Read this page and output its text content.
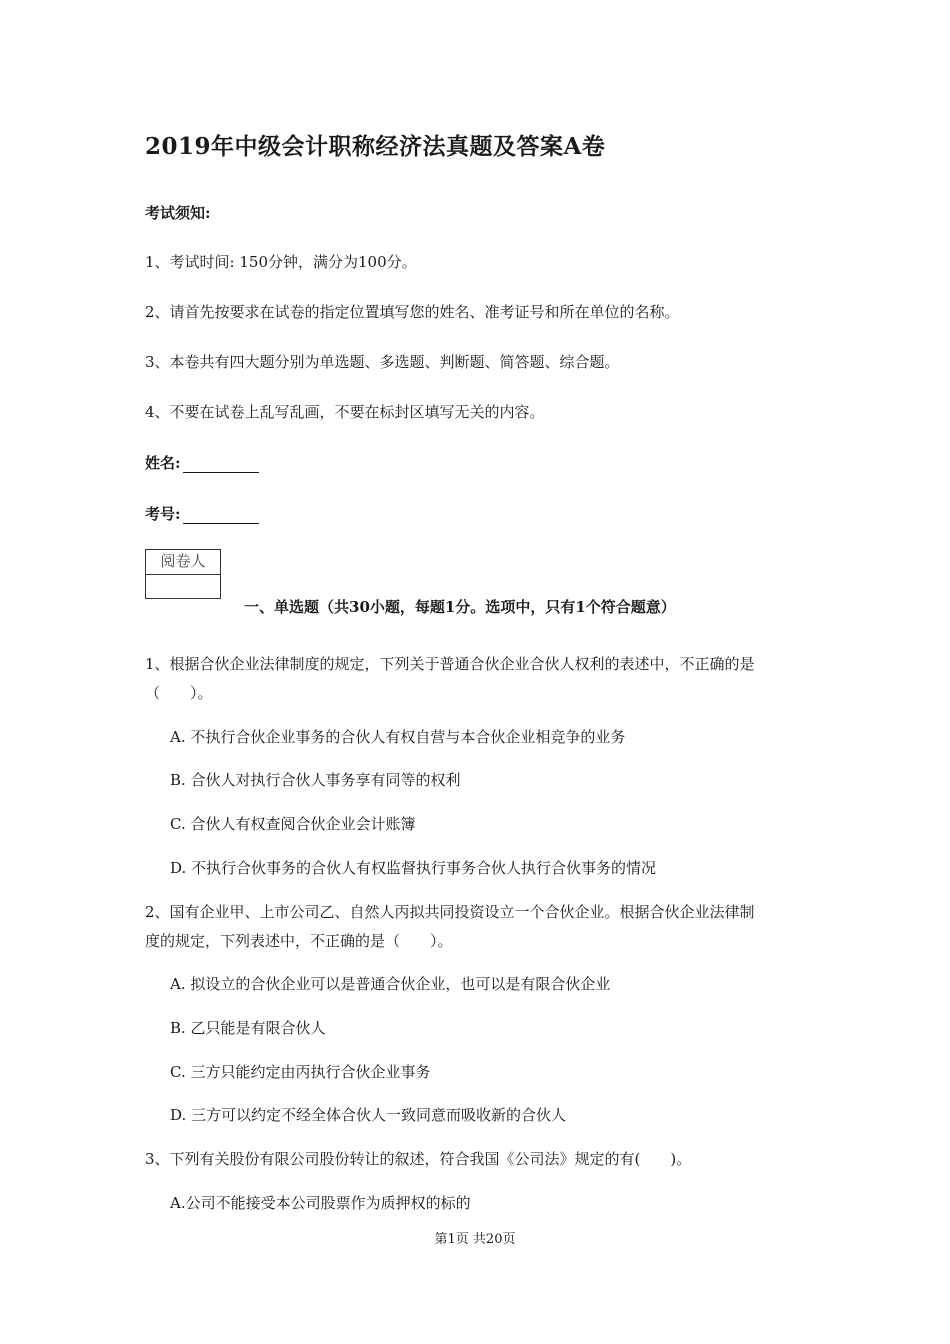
2019年中级会计职称经济法真题及答案A卷
考试须知:
1、考试时间: 150分钟，满分为100分。
2、请首先按要求在试卷的指定位置填写您的姓名、准考证号和所在单位的名称。
3、本卷共有四大题分别为单选题、多选题、判断题、简答题、综合题。
4、不要在试卷上乱写乱画，不要在标封区填写无关的内容。
姓名:
考号:
阅卷人
一、单选题（共30小题，每题1分。选项中，只有1个符合题意）
1、根据合伙企业法律制度的规定，下列关于普通合伙企业合伙人权利的表述中，不正确的是
（　　）。
A. 不执行合伙企业事务的合伙人有权自营与本合伙企业相竞争的业务
B. 合伙人对执行合伙人事务享有同等的权利
C. 合伙人有权查阅合伙企业会计账簿
D. 不执行合伙事务的合伙人有权监督执行事务合伙人执行合伙事务的情况
2、国有企业甲、上市公司乙、自然人丙拟共同投资设立一个合伙企业。根据合伙企业法律制
度的规定，下列表述中，不正确的是（　　）。
A. 拟设立的合伙企业可以是普通合伙企业，也可以是有限合伙企业
B. 乙只能是有限合伙人
C. 三方只能约定由丙执行合伙企业事务
D. 三方可以约定不经全体合伙人一致同意而吸收新的合伙人
3、下列有关股份有限公司股份转让的叙述，符合我国《公司法》规定的有(　　)。
A.公司不能接受本公司股票作为质押权的标的
第1页 共20页
